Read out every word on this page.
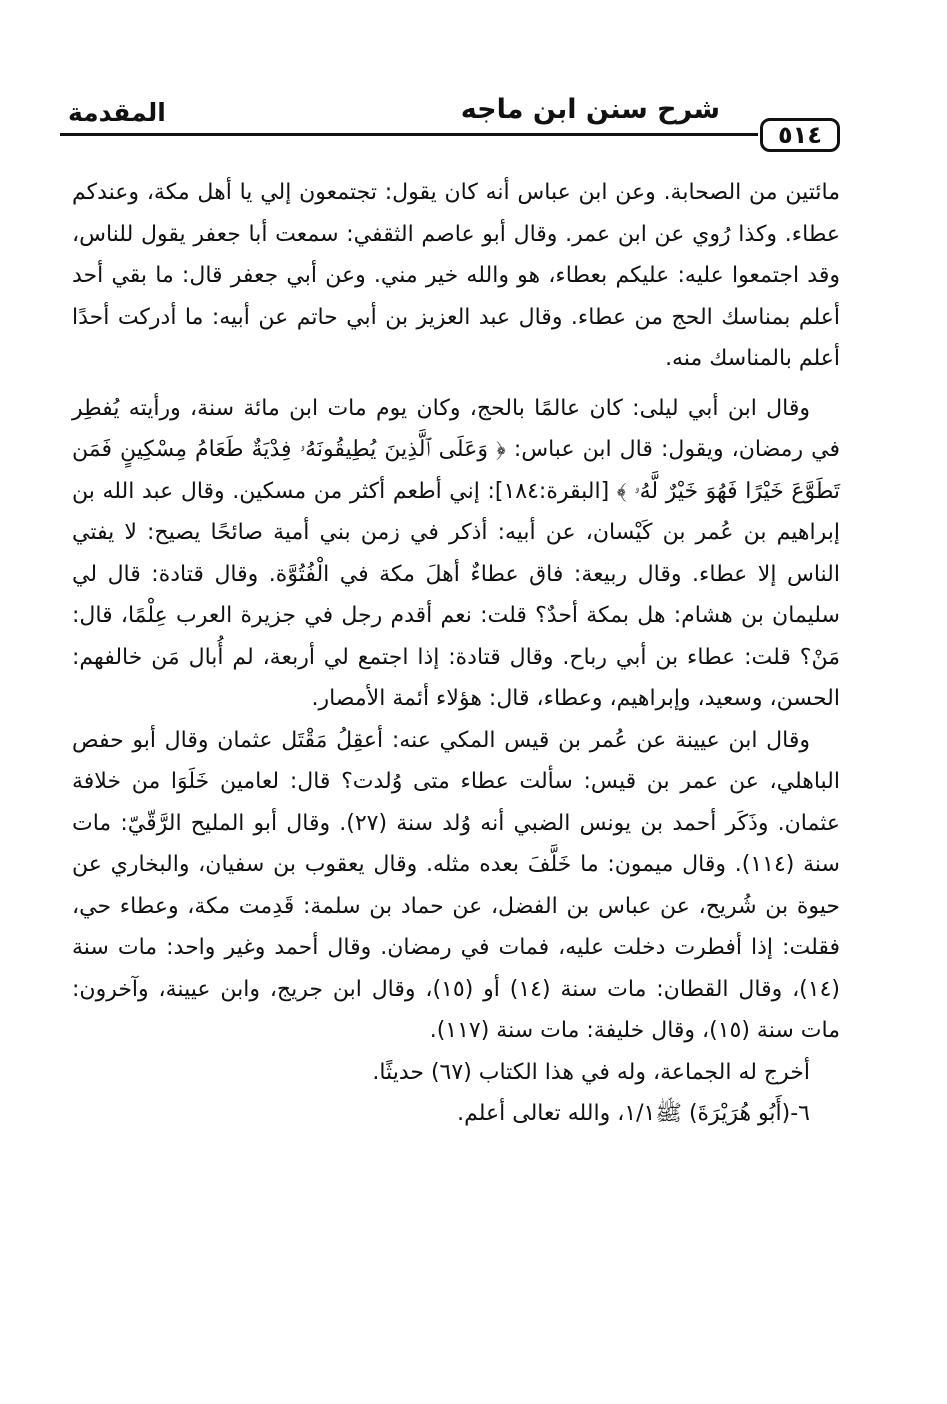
٥١٤
شرح سنن ابن ماجه
المقدمة

مائتين من الصحابة. وعن ابن عباس أنه كان يقول: تجتمعون إلي يا أهل مكة، وعندكم عطاء. وكذا رُوي عن ابن عمر. وقال أبو عاصم الثقفي: سمعت أبا جعفر يقول للناس، وقد اجتمعوا عليه: عليكم بعطاء، هو والله خير مني. وعن أبي جعفر قال: ما بقي أحد أعلم بمناسك الحج من عطاء. وقال عبد العزيز بن أبي حاتم عن أبيه: ما أدركت أحدًا أعلم بالمناسك منه.

وقال ابن أبي ليلى: كان عالمًا بالحج، وكان يوم مات ابن مائة سنة، ورأيته يُفطِر في رمضان، ويقول: قال ابن عباس: ﴿ وَعَلَى ٱلَّذِينَ يُطِيقُونَهُۥ فِدْيَةٌ طَعَامُ مِسْكِينٍ فَمَن تَطَوَّعَ خَيْرًا فَهُوَ خَيْرٌ لَّهُۥ ﴾ [البقرة:١٨٤]: إني أطعم أكثر من مسكين. وقال عبد الله بن إبراهيم بن عُمر بن كَيْسان، عن أبيه: أذكر في زمن بني أمية صائحًا يصيح: لا يفتي الناس إلا عطاء. وقال ربيعة: فاق عطاءٌ أهلَ مكة في الْفُتُوَّة. وقال قتادة: قال لي سليمان بن هشام: هل بمكة أحدٌ؟ قلت: نعم أقدم رجل في جزيرة العرب عِلْمًا، قال: مَنْ؟ قلت: عطاء بن أبي رباح. وقال قتادة: إذا اجتمع لي أربعة، لم أُبال مَن خالفهم: الحسن، وسعيد، وإبراهيم، وعطاء، قال: هؤلاء أئمة الأمصار.

وقال ابن عيينة عن عُمر بن قيس المكي عنه: أعقِلُ مَقْتَل عثمان وقال أبو حفص الباهلي، عن عمر بن قيس: سألت عطاء متى وُلدت؟ قال: لعامين خَلَوَا من خلافة عثمان. وذَكَر أحمد بن يونس الضبي أنه وُلد سنة (٢٧). وقال أبو المليح الرَّقّيّ: مات سنة (١١٤). وقال ميمون: ما خَلَّفَ بعده مثله. وقال يعقوب بن سفيان، والبخاري عن حيوة بن شُريح، عن عباس بن الفضل، عن حماد بن سلمة: قَدِمت مكة، وعطاء حي، فقلت: إذا أفطرت دخلت عليه، فمات في رمضان. وقال أحمد وغير واحد: مات سنة (١٤)، وقال القطان: مات سنة (١٤) أو (١٥)، وقال ابن جريج، وابن عيينة، وآخرون: مات سنة (١٥)، وقال خليفة: مات سنة (١١٧).

أخرج له الجماعة، وله في هذا الكتاب (٦٧) حديثًا.

٦-(أَبُو هُرَيْرَةَ) ﷺ١/١، والله تعالى أعلم.
